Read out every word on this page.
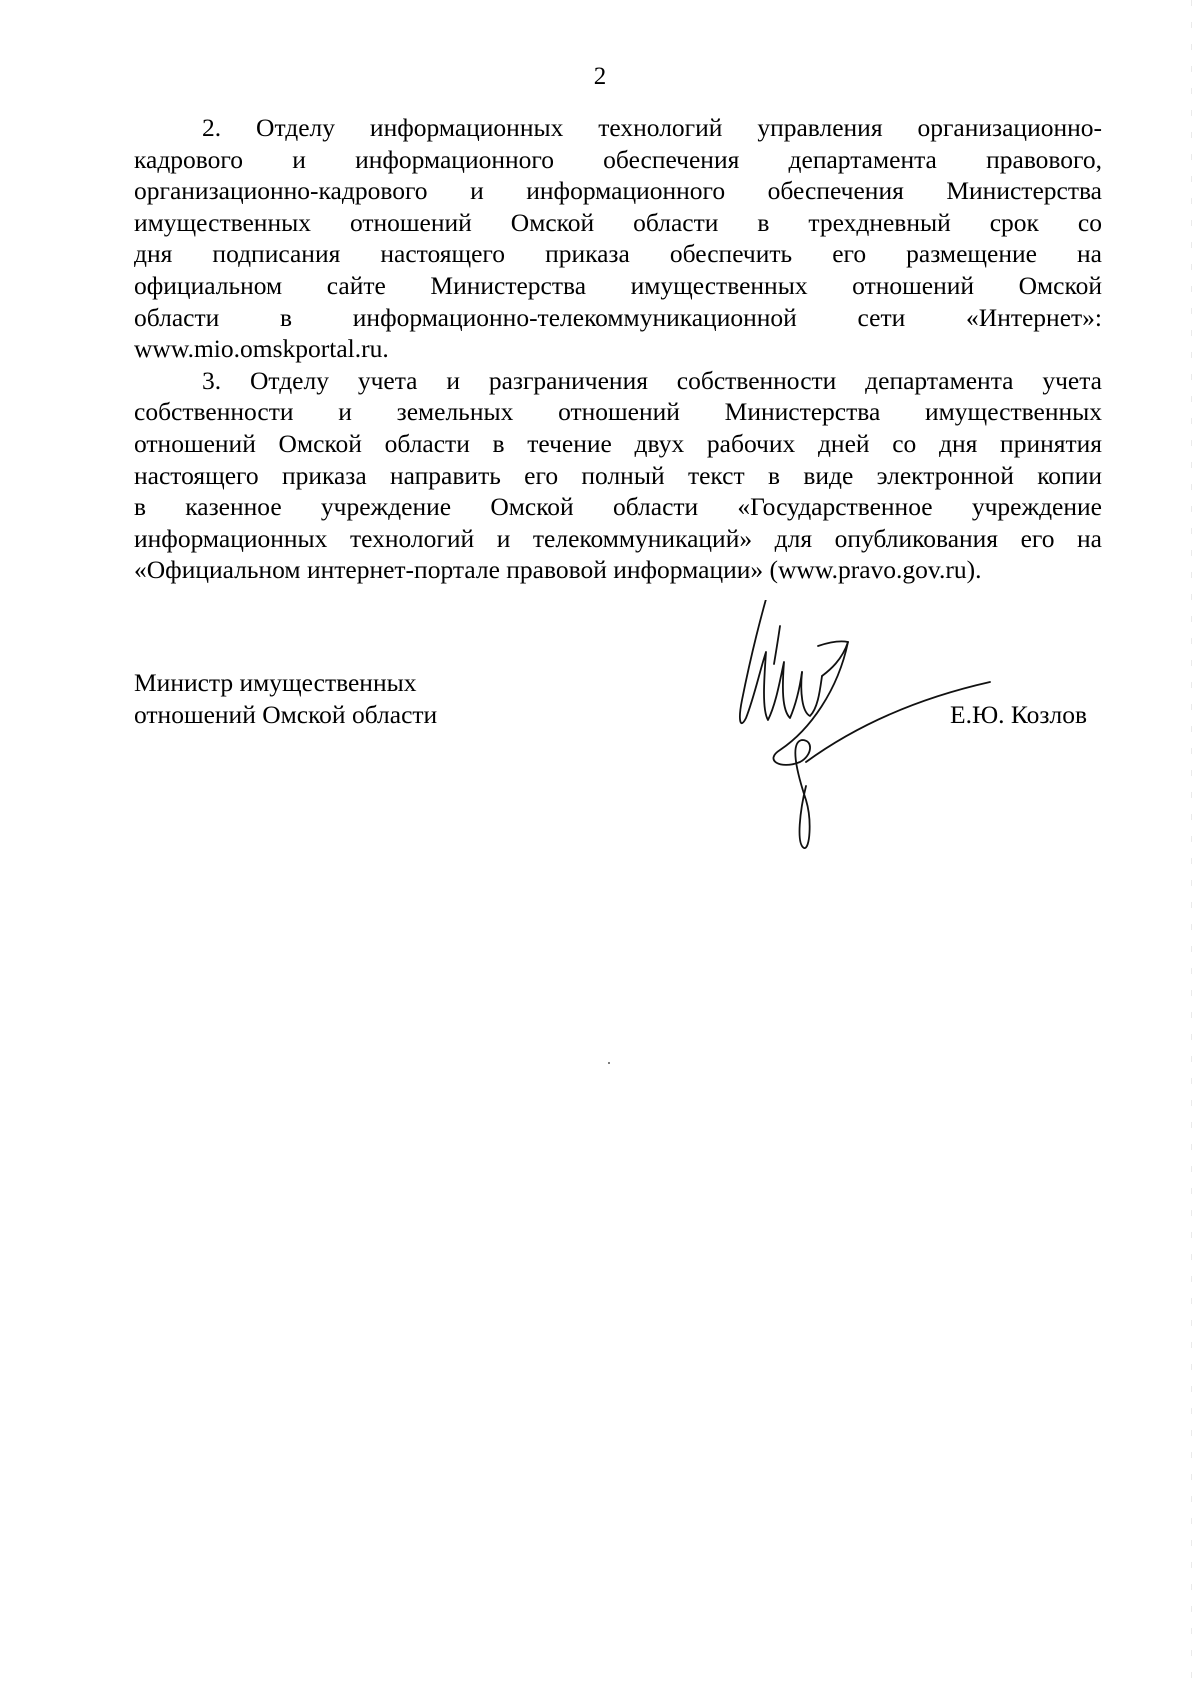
2

2. Отделу информационных технологий управления организационно-
кадрового и информационного обеспечения департамента правового,
организационно-кадрового и информационного обеспечения Министерства
имущественных отношений Омской области в трехдневный срок со
дня подписания настоящего приказа обеспечить его размещение на
официальном сайте Министерства имущественных отношений Омской
области в информационно-телекоммуникационной сети «Интернет»:
www.mio.omskportal.ru.

3. Отделу учета и разграничения собственности департамента учета
собственности и земельных отношений Министерства имущественных
отношений Омской области в течение двух рабочих дней со дня принятия
настоящего приказа направить его полный текст в виде электронной копии
в казенное учреждение Омской области «Государственное учреждение
информационных технологий и телекоммуникаций» для опубликования его на
«Официальном интернет-портале правовой информации» (www.pravo.gov.ru).

Министр имущественных
отношений Омской области	Е.Ю. Козлов
